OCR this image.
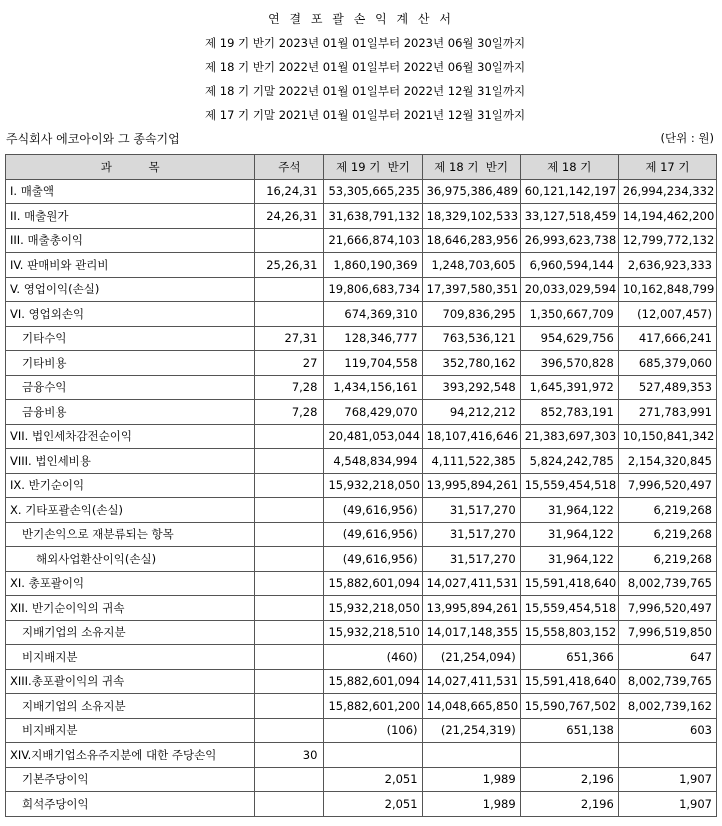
연 결 포 괄 손 익 계 산 서
제 19 기 반기 2023년 01월 01일부터 2023년 06월 30일까지
제 18 기 반기 2022년 01월 01일부터 2022년 06월 30일까지
제 18 기 기말 2022년 01월 01일부터 2022년 12월 31일까지
제 17 기 기말 2021년 01월 01일부터 2021년 12월 31일까지
주식회사 에코아이와 그 종속기업	(단위 : 원)
과          목	주석	제 19 기  반기	제 18 기  반기	제 18 기	제 17 기
I. 매출액	16,24,31	53,305,665,235	36,975,386,489	60,121,142,197	26,994,234,332
II. 매출원가	24,26,31	31,638,791,132	18,329,102,533	33,127,518,459	14,194,462,200
III. 매출총이익		21,666,874,103	18,646,283,956	26,993,623,738	12,799,772,132
IV. 판매비와 관리비	25,26,31	1,860,190,369	1,248,703,605	6,960,594,144	2,636,923,333
V. 영업이익(손실)		19,806,683,734	17,397,580,351	20,033,029,594	10,162,848,799
VI. 영업외손익		674,369,310	709,836,295	1,350,667,709	(12,007,457)
기타수익	27,31	128,346,777	763,536,121	954,629,756	417,666,241
기타비용	27	119,704,558	352,780,162	396,570,828	685,379,060
금융수익	7,28	1,434,156,161	393,292,548	1,645,391,972	527,489,353
금융비용	7,28	768,429,070	94,212,212	852,783,191	271,783,991
VII. 법인세차감전순이익		20,481,053,044	18,107,416,646	21,383,697,303	10,150,841,342
VIII. 법인세비용		4,548,834,994	4,111,522,385	5,824,242,785	2,154,320,845
IX. 반기순이익		15,932,218,050	13,995,894,261	15,559,454,518	7,996,520,497
X. 기타포괄손익(손실)		(49,616,956)	31,517,270	31,964,122	6,219,268
반기손익으로 재분류되는 항목		(49,616,956)	31,517,270	31,964,122	6,219,268
해외사업환산이익(손실)		(49,616,956)	31,517,270	31,964,122	6,219,268
XI. 총포괄이익		15,882,601,094	14,027,411,531	15,591,418,640	8,002,739,765
XII. 반기순이익의 귀속		15,932,218,050	13,995,894,261	15,559,454,518	7,996,520,497
지배기업의 소유지분		15,932,218,510	14,017,148,355	15,558,803,152	7,996,519,850
비지배지분		(460)	(21,254,094)	651,366	647
XIII.총포괄이익의 귀속		15,882,601,094	14,027,411,531	15,591,418,640	8,002,739,765
지배기업의 소유지분		15,882,601,200	14,048,665,850	15,590,767,502	8,002,739,162
비지배지분		(106)	(21,254,319)	651,138	603
XIV.지배기업소유주지분에 대한 주당손익	30				
기본주당이익		2,051	1,989	2,196	1,907
희석주당이익		2,051	1,989	2,196	1,907
